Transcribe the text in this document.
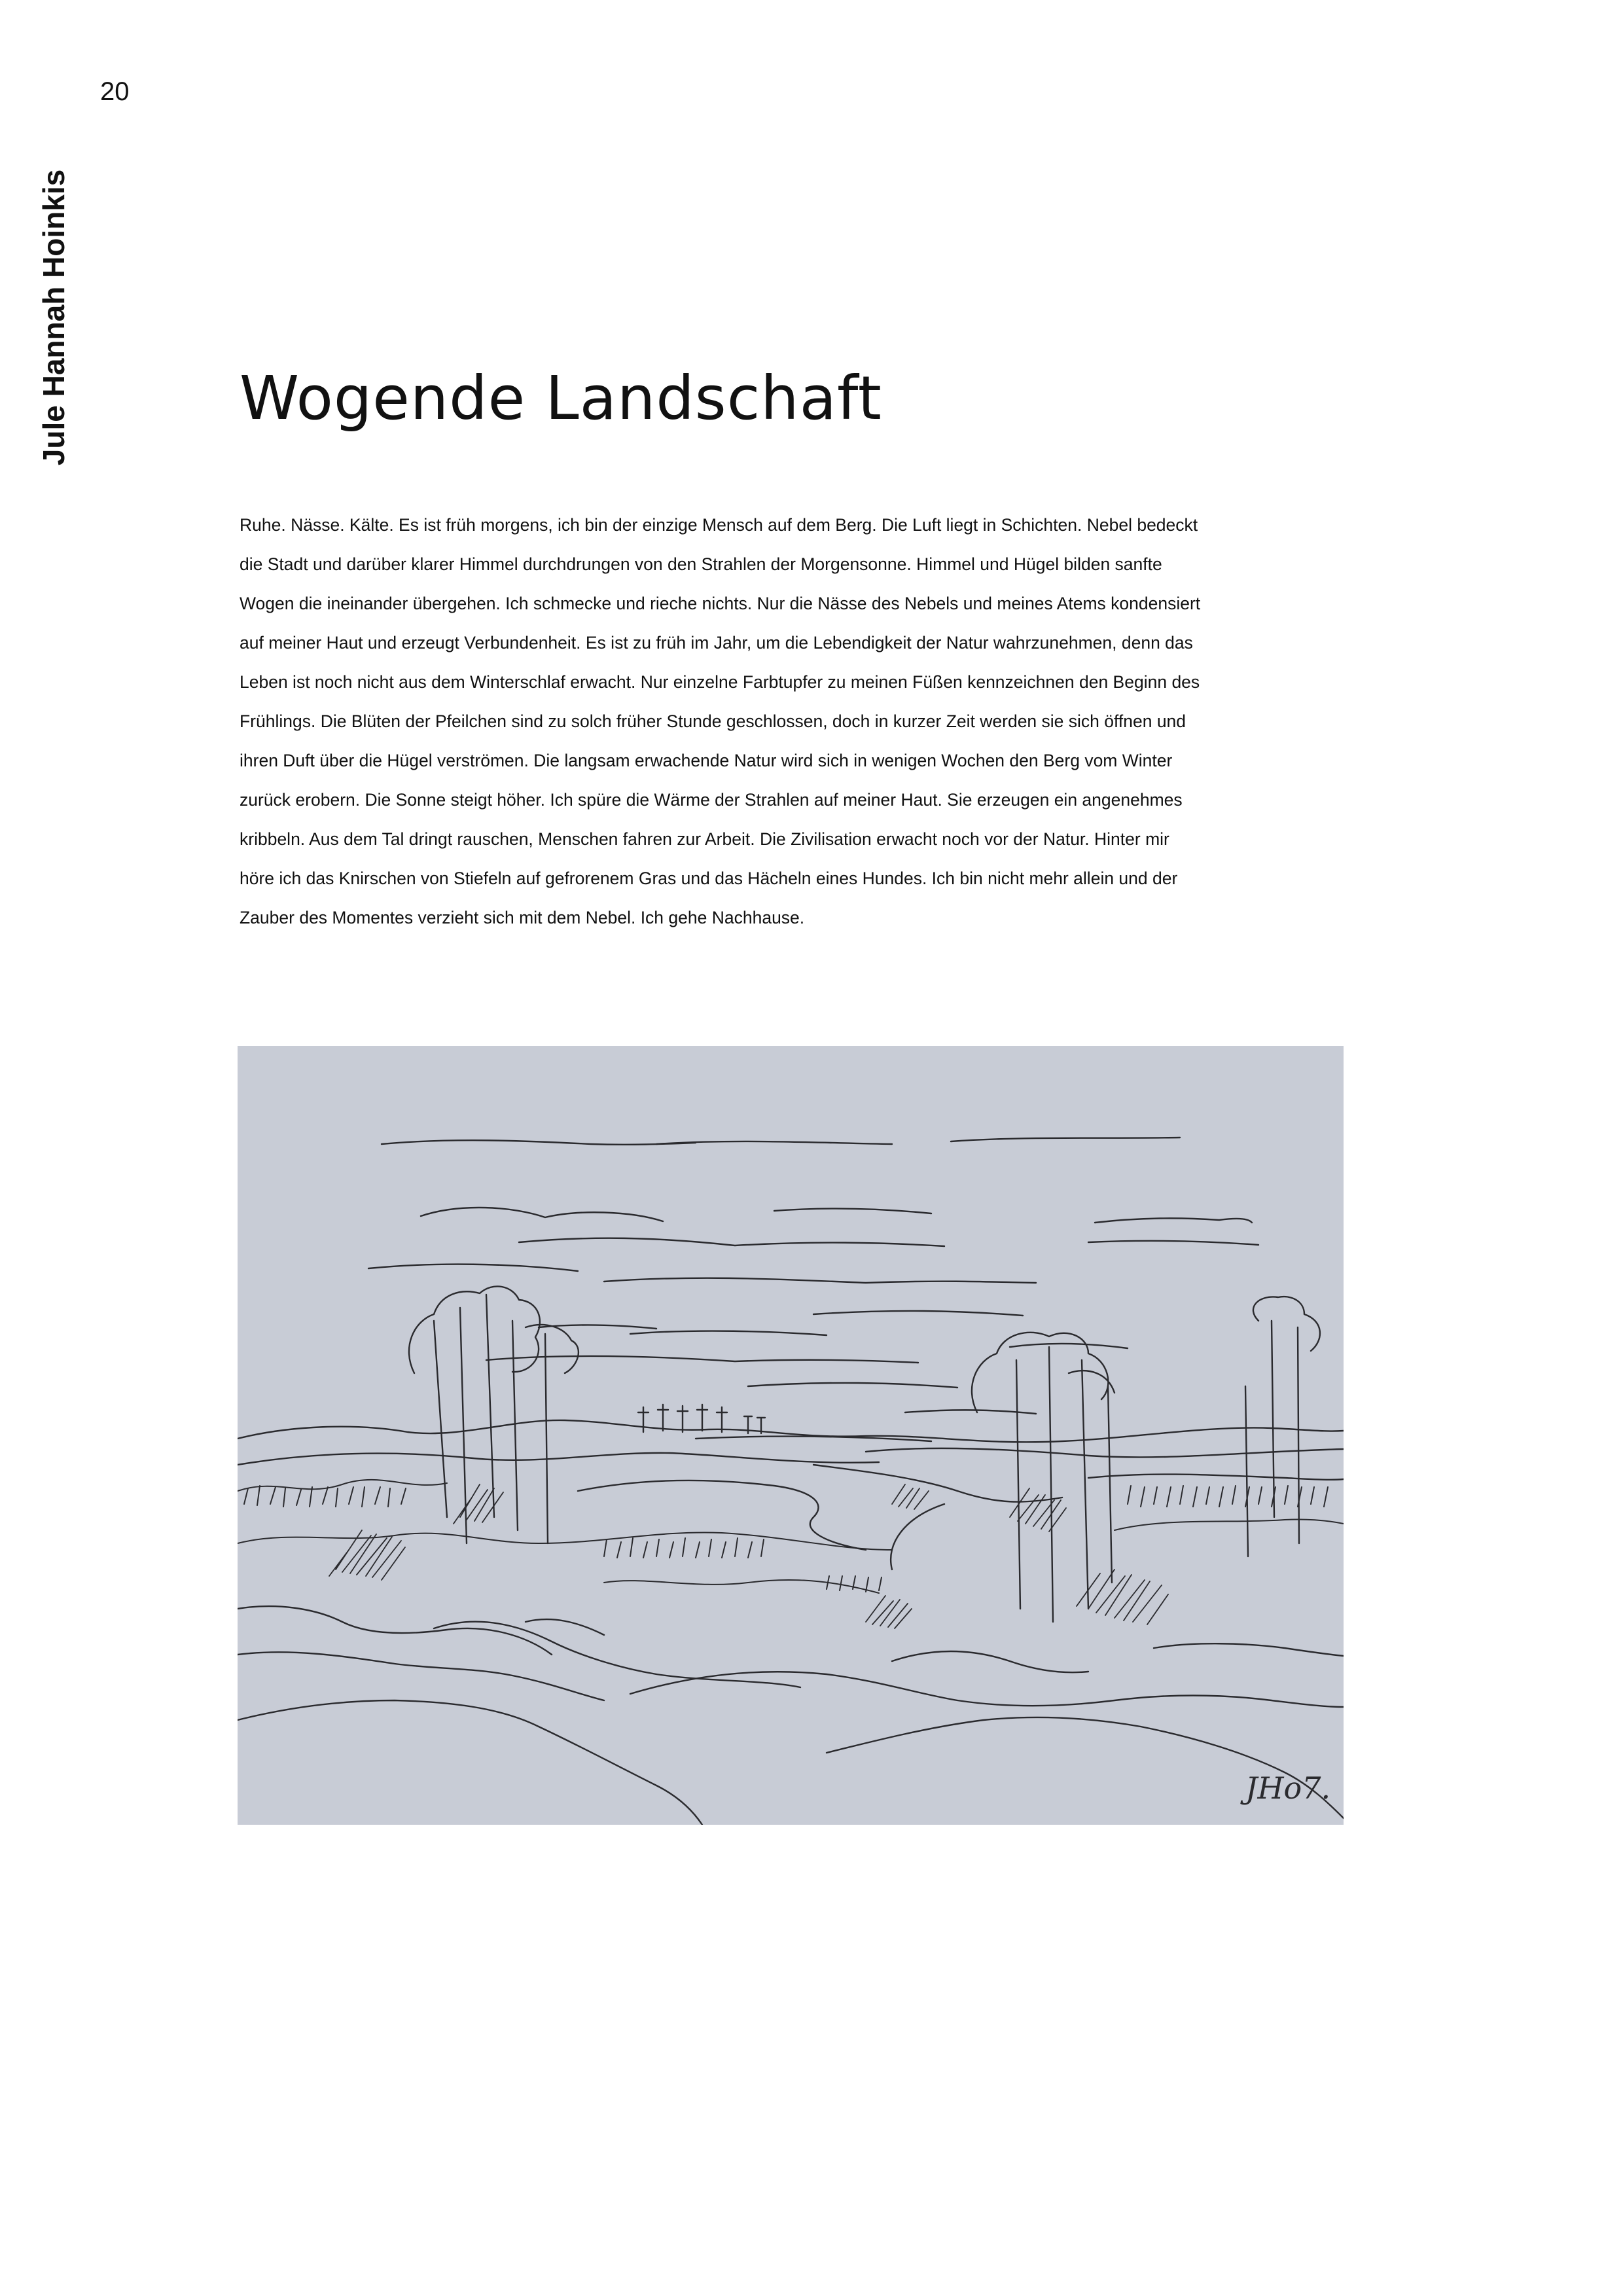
20
Jule Hannah Hoinkis	Wogende Landschaft

Ruhe. Nässe. Kälte. Es ist früh morgens, ich bin der einzige Mensch auf dem Berg. Die Luft liegt in Schichten. Nebel bedeckt
die Stadt und darüber klarer Himmel durchdrungen von den Strahlen der Morgensonne. Himmel und Hügel bilden sanfte
Wogen die ineinander übergehen. Ich schmecke und rieche nichts. Nur die Nässe des Nebels und meines Atems kondensiert
auf meiner Haut und erzeugt Verbundenheit. Es ist zu früh im Jahr, um die Lebendigkeit der Natur wahrzunehmen, denn das
Leben ist noch nicht aus dem Winterschlaf erwacht. Nur einzelne Farbtupfer zu meinen Füßen kennzeichnen den Beginn des
Frühlings. Die Blüten der Pfeilchen sind zu solch früher Stunde geschlossen, doch in kurzer Zeit werden sie sich öffnen und
ihren Duft über die Hügel verströmen. Die langsam erwachende Natur wird sich in wenigen Wochen den Berg vom Winter
zurück erobern. Die Sonne steigt höher. Ich spüre die Wärme der Strahlen auf meiner Haut. Sie erzeugen ein angenehmes
kribbeln. Aus dem Tal dringt rauschen, Menschen fahren zur Arbeit. Die Zivilisation erwacht noch vor der Natur. Hinter mir
höre ich das Knirschen von Stiefeln auf gefrorenem Gras und das Hächeln eines Hundes. Ich bin nicht mehr allein und der
Zauber des Momentes verzieht sich mit dem Nebel. Ich gehe Nachhause.

JHo7.
